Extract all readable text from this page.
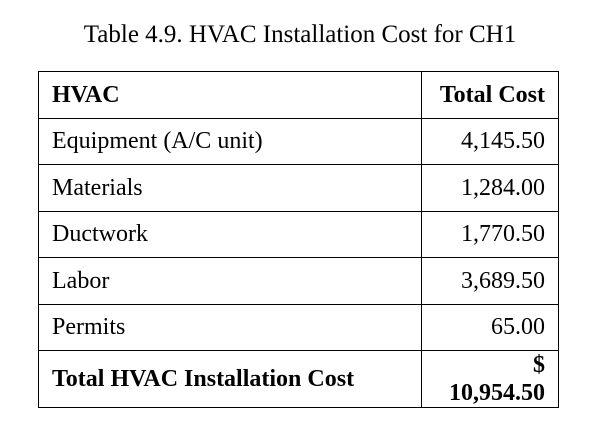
Table 4.9. HVAC Installation Cost for CH1
HVAC	Total Cost
Equipment (A/C unit)	4,145.50
Materials	1,284.00
Ductwork	1,770.50
Labor	3,689.50
Permits	65.00
Total HVAC Installation Cost	$ 10,954.50
